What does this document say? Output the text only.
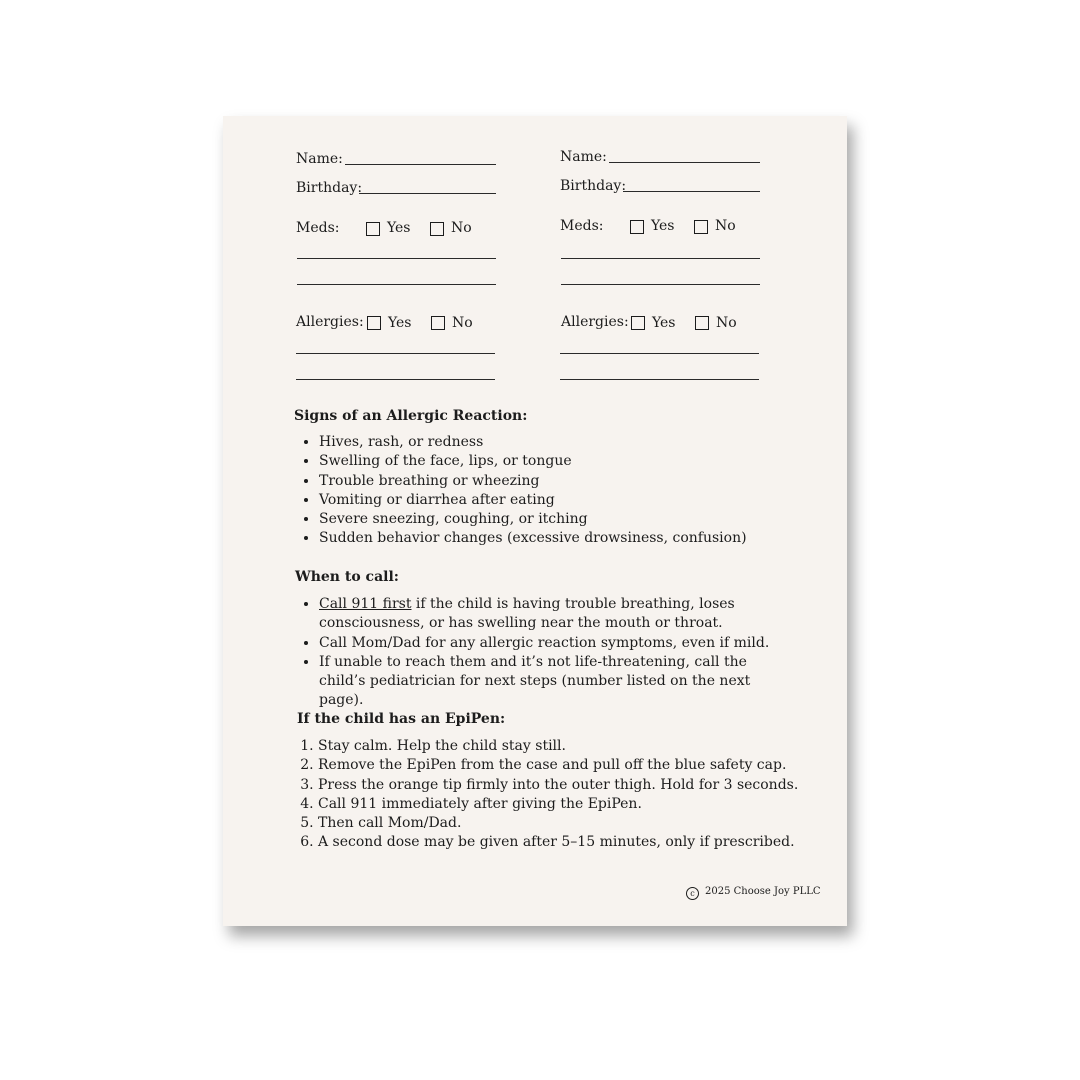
Name:
Birthday:
Meds:	Yes	No
Allergies: Yes	No
Name:
Birthday:
Meds:	Yes	No
Allergies: Yes	No
Signs of an Allergic Reaction:
• Hives, rash, or redness
• Swelling of the face, lips, or tongue
• Trouble breathing or wheezing
• Vomiting or diarrhea after eating
• Severe sneezing, coughing, or itching
• Sudden behavior changes (excessive drowsiness, confusion)
When to call:
• Call 911 first if the child is having trouble breathing, loses consciousness, or has swelling near the mouth or throat.
• Call Mom/Dad for any allergic reaction symptoms, even if mild.
• If unable to reach them and it’s not life-threatening, call the child’s pediatrician for next steps (number listed on the next page).
If the child has an EpiPen:
1. Stay calm. Help the child stay still.
2. Remove the EpiPen from the case and pull off the blue safety cap.
3. Press the orange tip firmly into the outer thigh. Hold for 3 seconds.
4. Call 911 immediately after giving the EpiPen.
5. Then call Mom/Dad.
6. A second dose may be given after 5–15 minutes, only if prescribed.
c 2025 Choose Joy PLLC
